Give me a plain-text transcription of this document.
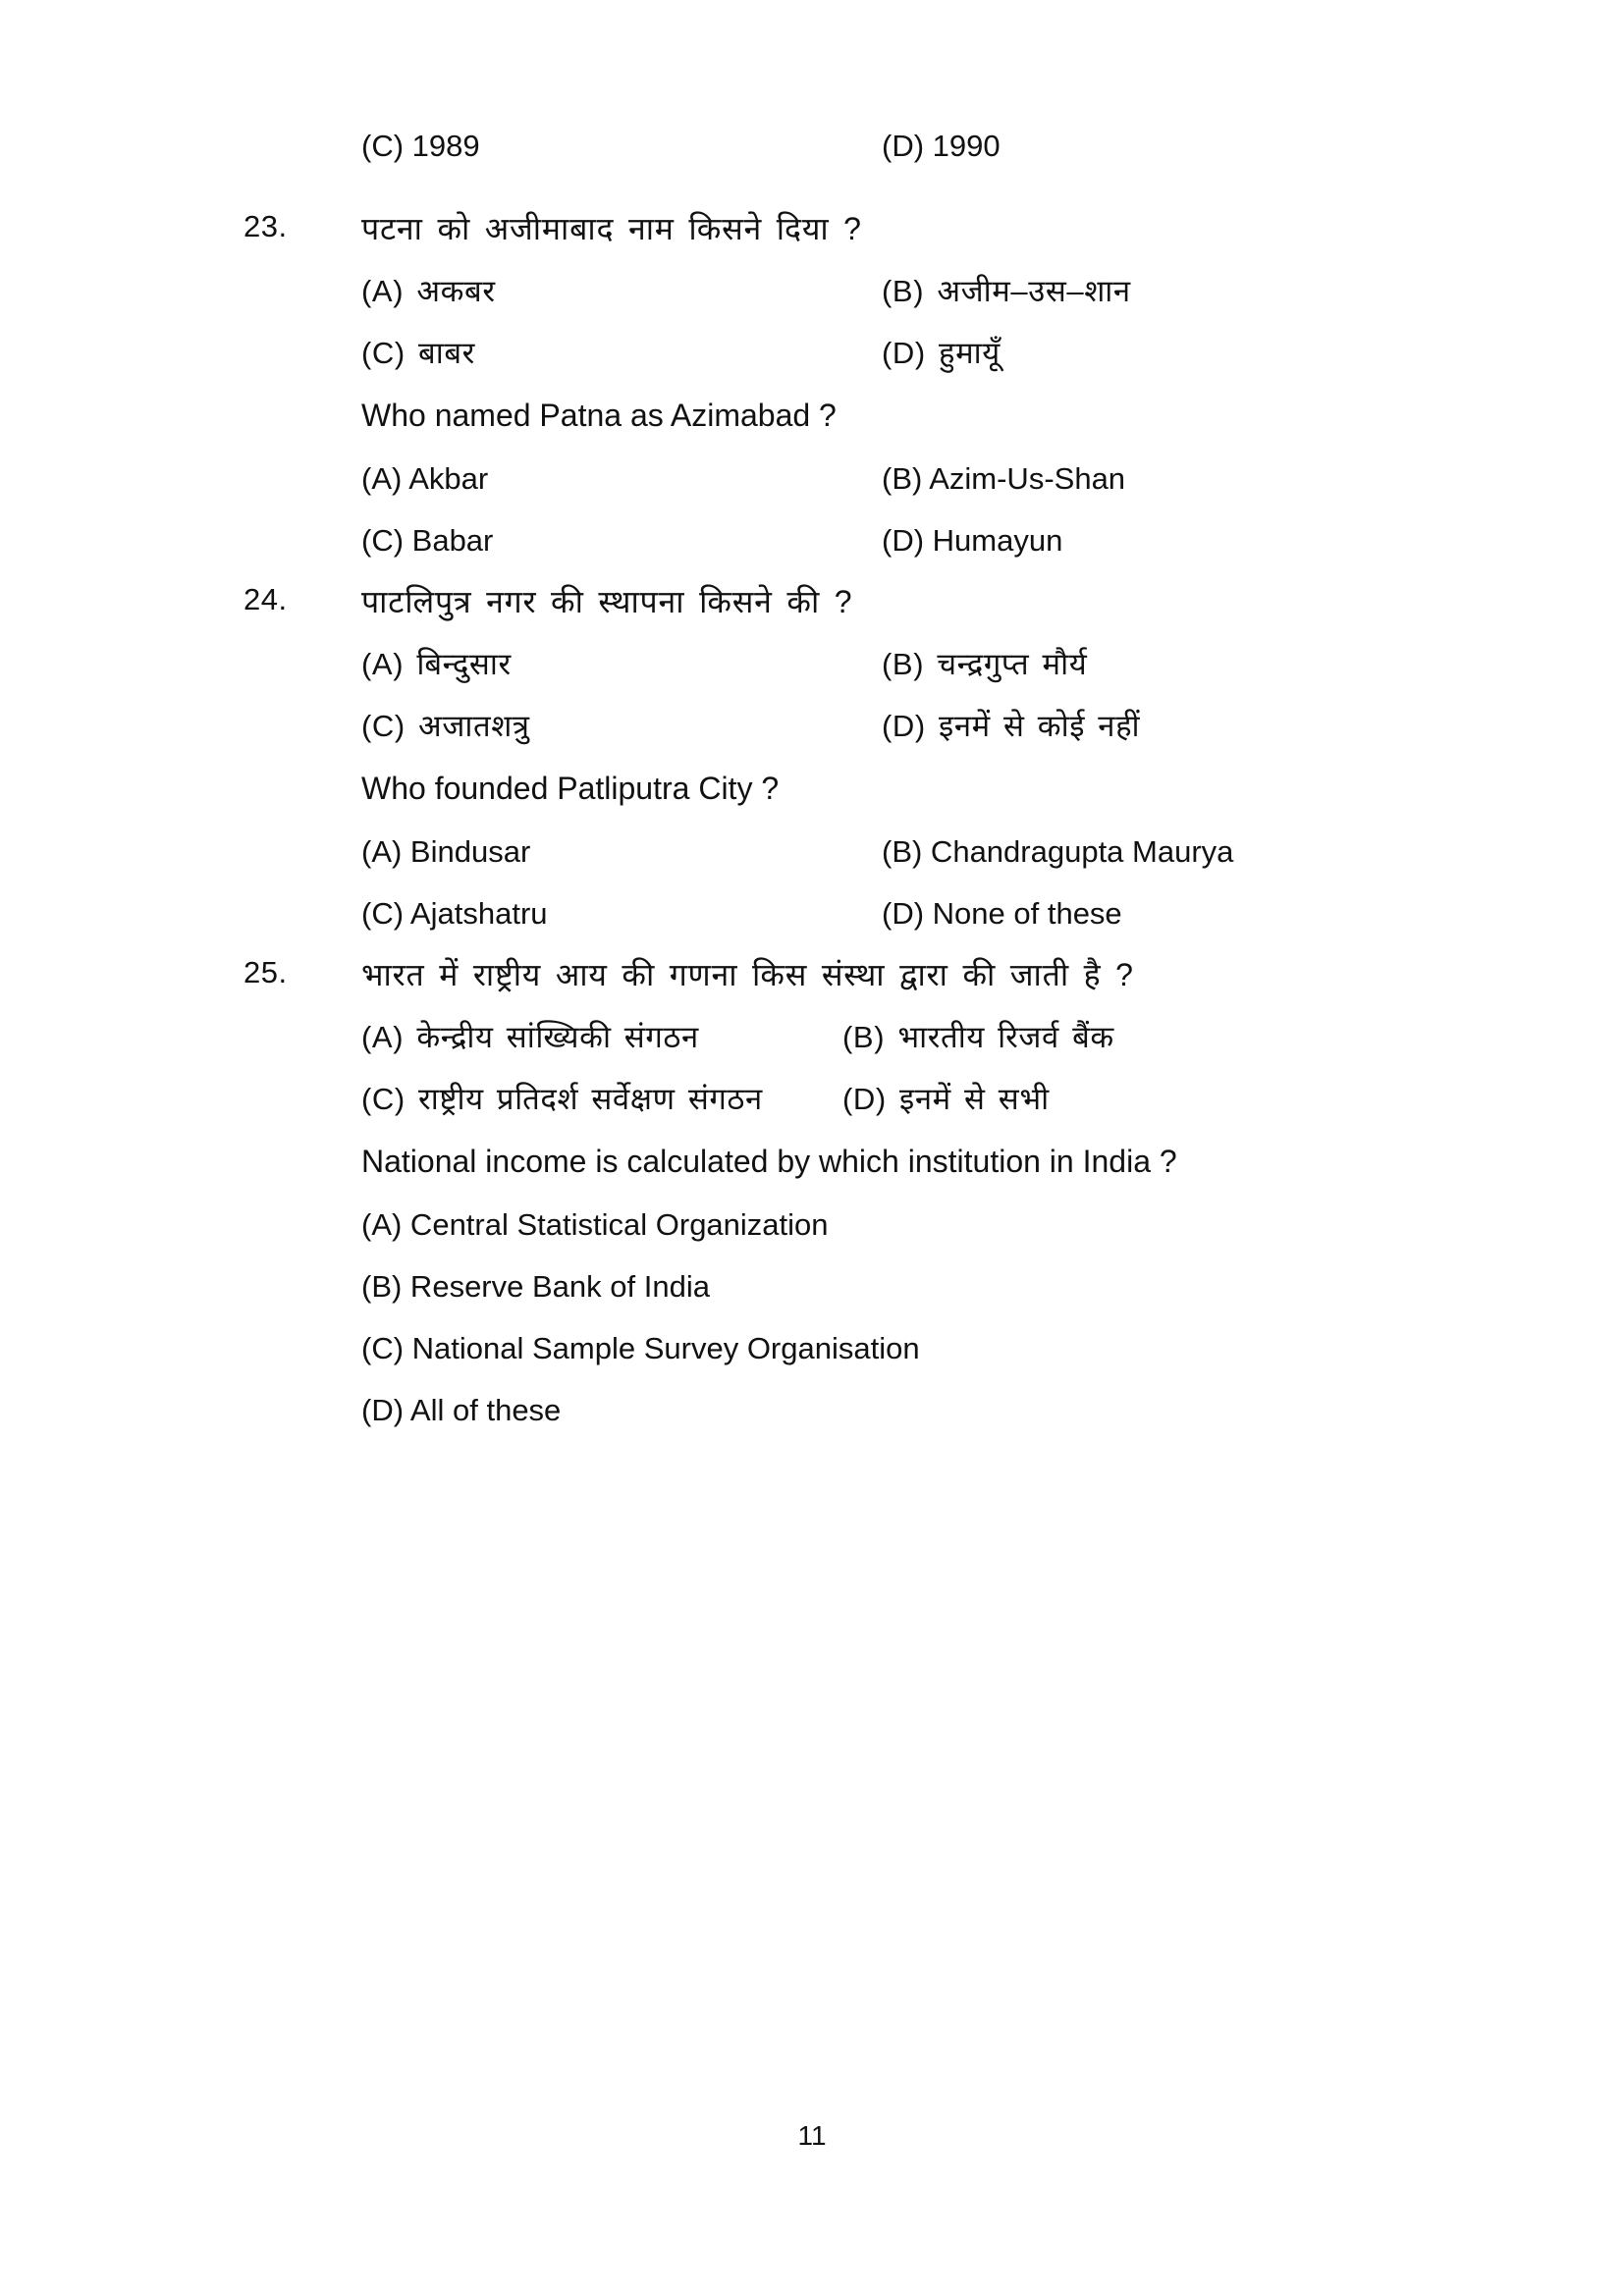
(C) 1989	(D) 1990
23.	पटना को अजीमाबाद नाम किसने दिया ?
(A) अकबर	(B) अजीम–उस–शान
(C) बाबर	(D) हुमायूँ
Who named Patna as Azimabad ?
(A) Akbar	(B) Azim-Us-Shan
(C) Babar	(D) Humayun
24.	पाटलिपुत्र नगर की स्थापना किसने की ?
(A) बिन्दुसार	(B) चन्द्रगुप्त मौर्य
(C) अजातशत्रु	(D) इनमें से कोई नहीं
Who founded Patliputra City ?
(A) Bindusar	(B) Chandragupta Maurya
(C) Ajatshatru	(D) None of these
25.	भारत में राष्ट्रीय आय की गणना किस संस्था द्वारा की जाती है ?
(A) केन्द्रीय सांख्यिकी संगठन	(B) भारतीय रिजर्व बैंक
(C) राष्ट्रीय प्रतिदर्श सर्वेक्षण संगठन	(D) इनमें से सभी
National income is calculated by which institution in India ?
(A) Central Statistical Organization
(B) Reserve Bank of India
(C) National Sample Survey Organisation
(D) All of these
11
